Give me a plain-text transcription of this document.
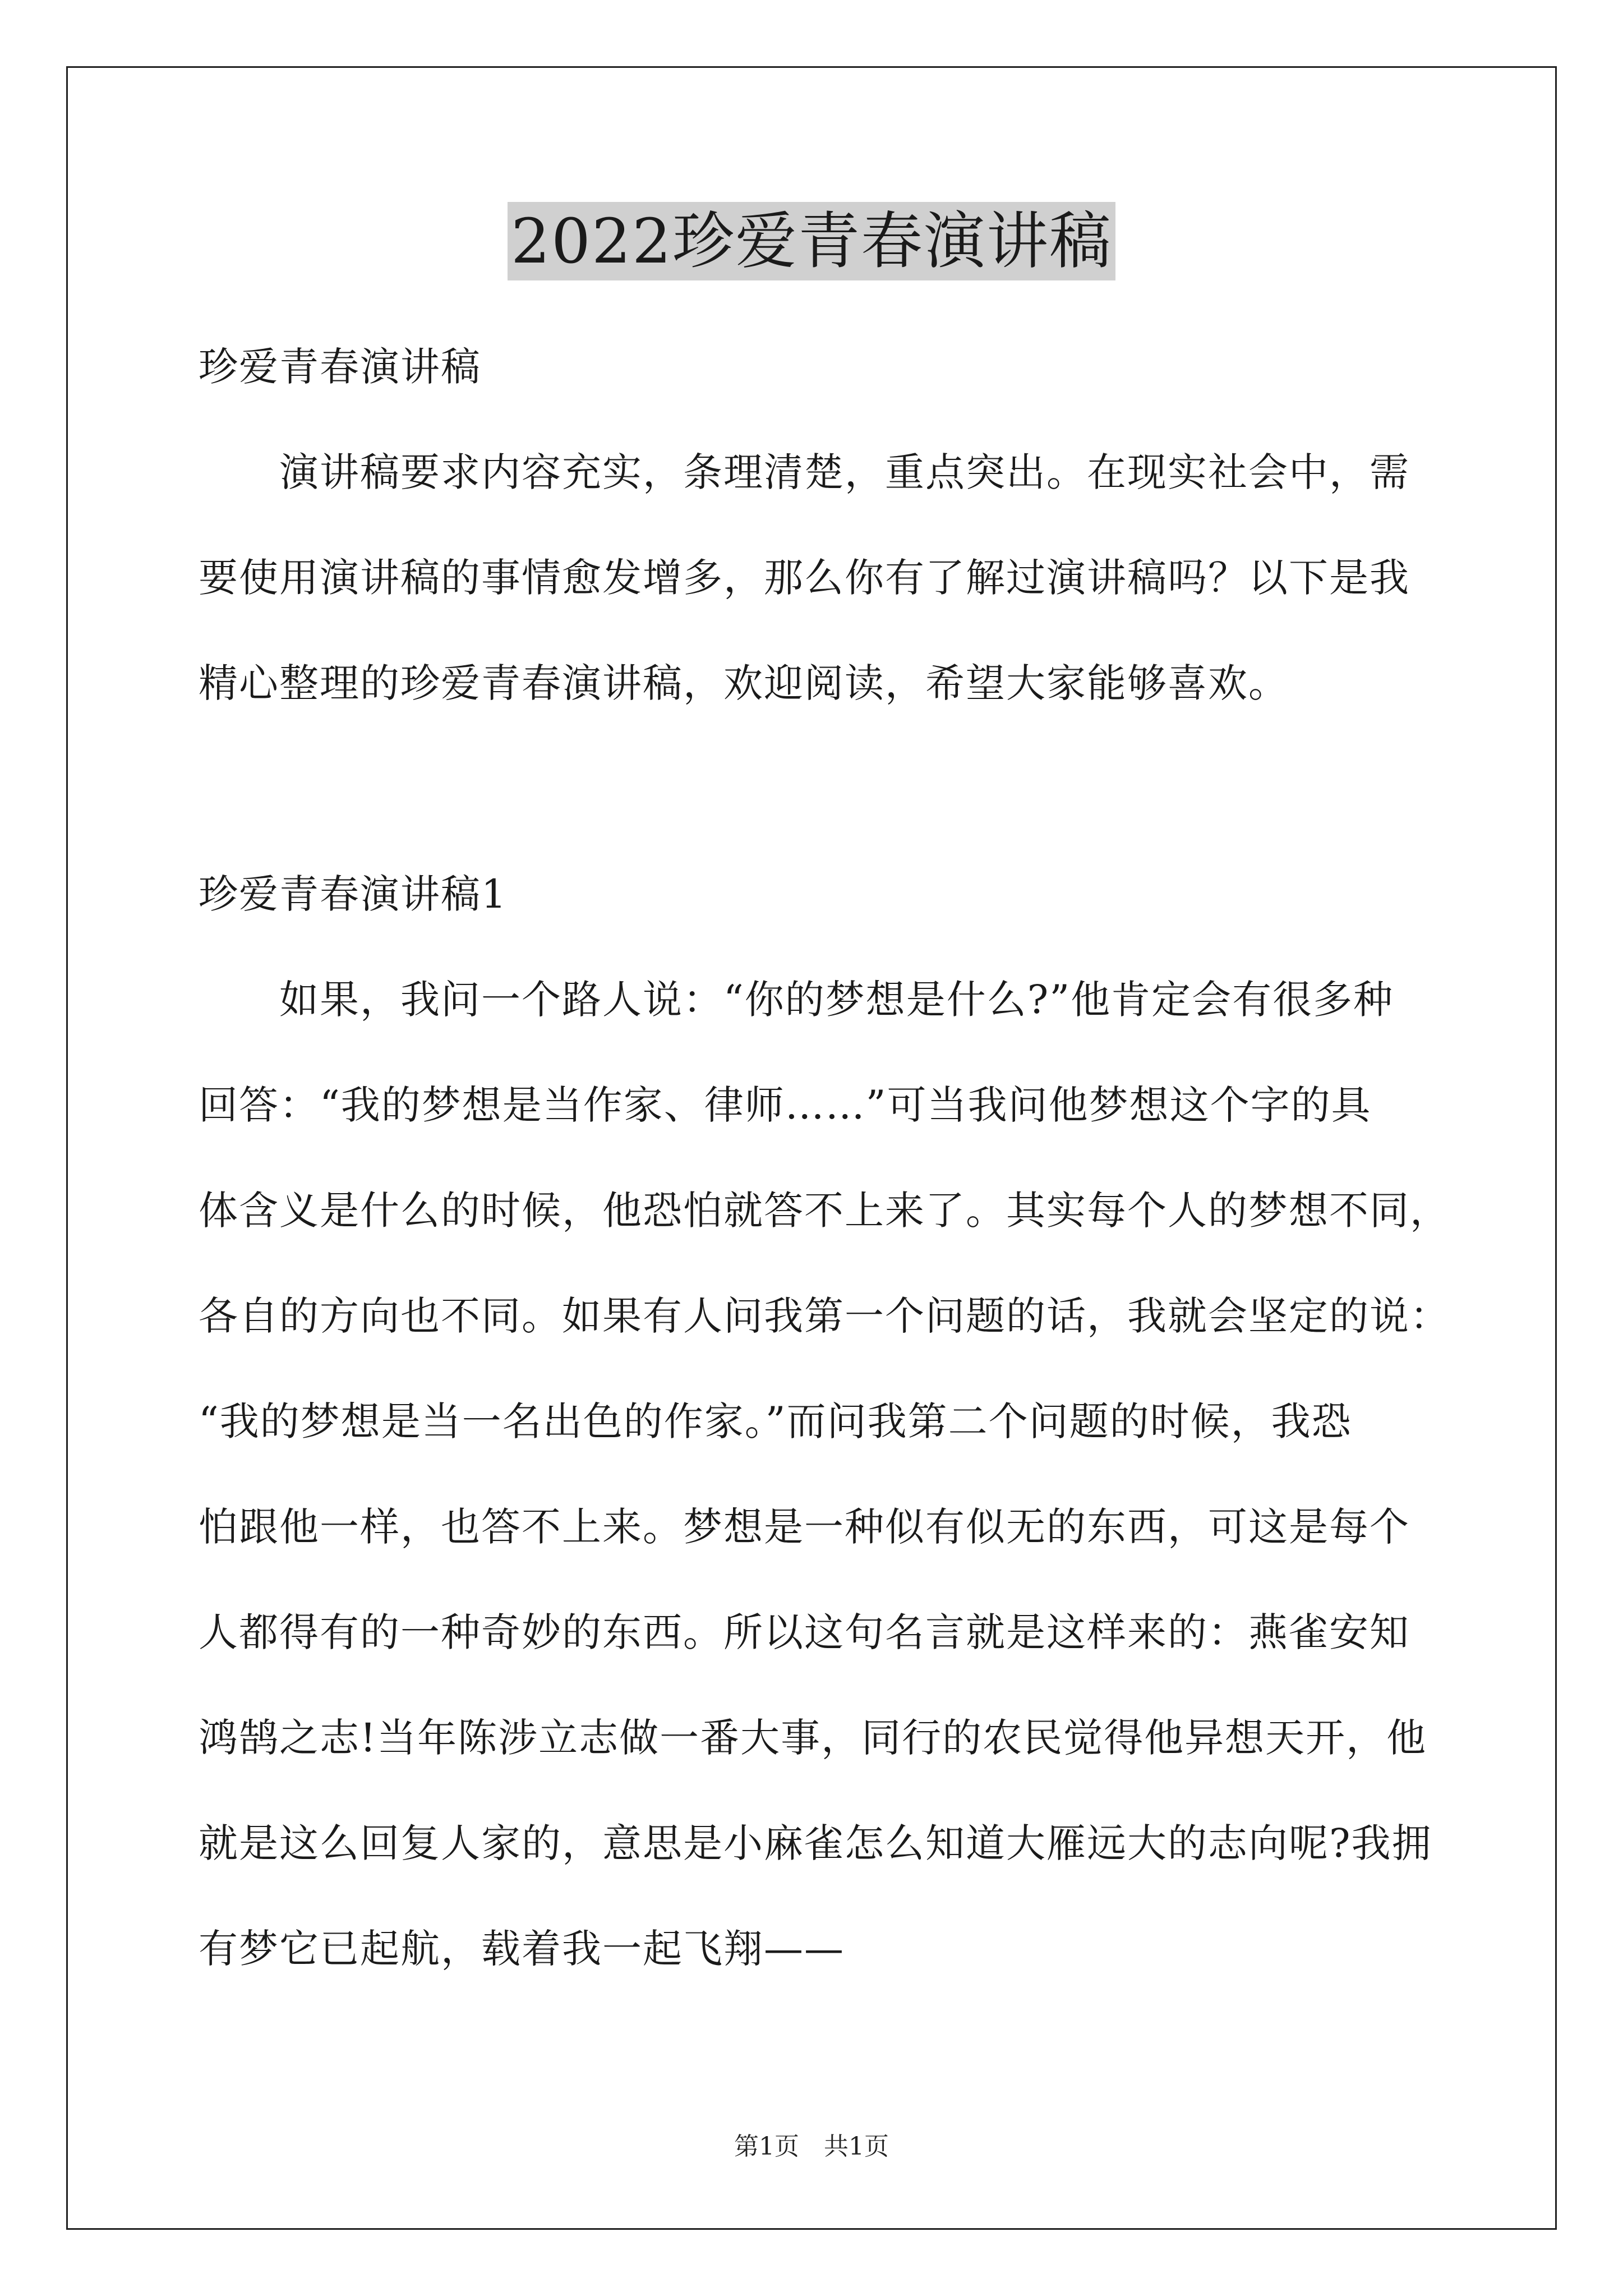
2022珍爱青春演讲稿
珍爱青春演讲稿
　　演讲稿要求内容充实，条理清楚，重点突出。在现实社会中，需
要使用演讲稿的事情愈发增多，那么你有了解过演讲稿吗？以下是我
精心整理的珍爱青春演讲稿，欢迎阅读，希望大家能够喜欢。
珍爱青春演讲稿1
　　如果，我问一个路人说：“你的梦想是什么?”他肯定会有很多种
回答：“我的梦想是当作家、律师……”可当我问他梦想这个字的具
体含义是什么的时候，他恐怕就答不上来了。其实每个人的梦想不同，
各自的方向也不同。如果有人问我第一个问题的话，我就会坚定的说：
“我的梦想是当一名出色的作家。”而问我第二个问题的时候，我恐
怕跟他一样，也答不上来。梦想是一种似有似无的东西，可这是每个
人都得有的一种奇妙的东西。所以这句名言就是这样来的：燕雀安知
鸿鹄之志!当年陈涉立志做一番大事，同行的农民觉得他异想天开，他
就是这么回复人家的，意思是小麻雀怎么知道大雁远大的志向呢?我拥
有梦它已起航，载着我一起飞翔——
第1页　共1页
